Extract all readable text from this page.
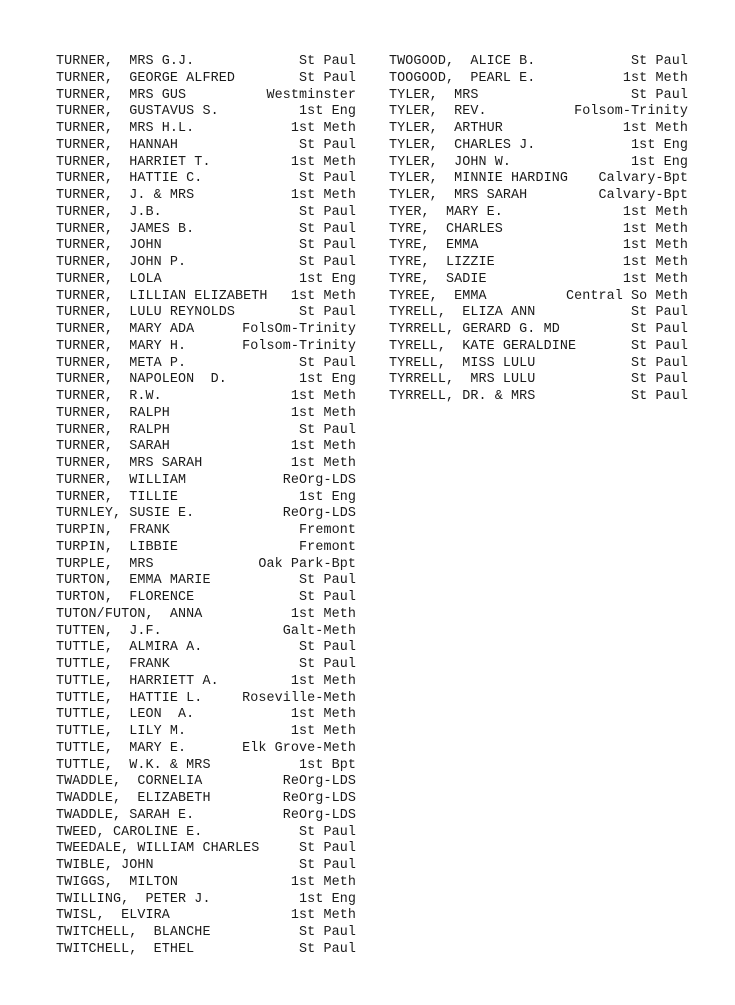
TURNER,  MRS G.J.	St Paul
TURNER,  GEORGE ALFRED	St Paul
TURNER,  MRS GUS	Westminster
TURNER,  GUSTAVUS S.	1st Eng
TURNER,  MRS H.L.	1st Meth
TURNER,  HANNAH	St Paul
TURNER,  HARRIET T.	1st Meth
TURNER,  HATTIE C.	St Paul
TURNER,  J. & MRS	1st Meth
TURNER,  J.B.	St Paul
TURNER,  JAMES B.	St Paul
TURNER,  JOHN	St Paul
TURNER,  JOHN P.	St Paul
TURNER,  LOLA	1st Eng
TURNER,  LILLIAN ELIZABETH 1st Meth
TURNER,  LULU REYNOLDS	St Paul
TURNER,  MARY ADA	FolsOm-Trinity
TURNER,  MARY H.	Folsom-Trinity
TURNER,  META P.	St Paul
TURNER,  NAPOLEON  D.	1st Eng
TURNER,  R.W.	1st Meth
TURNER,  RALPH	1st Meth
TURNER,  RALPH	St Paul
TURNER,  SARAH	1st Meth
TURNER,  MRS SARAH	1st Meth
TURNER,  WILLIAM	ReOrg-LDS
TURNER,  TILLIE	1st Eng
TURNLEY, SUSIE E.	ReOrg-LDS
TURPIN,  FRANK	Fremont
TURPIN,  LIBBIE	Fremont
TURPLE,  MRS	Oak Park-Bpt
TURTON,  EMMA MARIE	St Paul
TURTON,  FLORENCE	St Paul
TUTON/FUTON,  ANNA	1st Meth
TUTTEN,  J.F.	Galt-Meth
TUTTLE,  ALMIRA A.	St Paul
TUTTLE,  FRANK	St Paul
TUTTLE,  HARRIETT A.	1st Meth
TUTTLE,  HATTIE L.	Roseville-Meth
TUTTLE,  LEON  A.	1st Meth
TUTTLE,  LILY M.	1st Meth
TUTTLE,  MARY E.	Elk Grove-Meth
TUTTLE,  W.K. & MRS	1st Bpt
TWADDLE,  CORNELIA	ReOrg-LDS
TWADDLE,  ELIZABETH	ReOrg-LDS
TWADDLE, SARAH E.	ReOrg-LDS
TWEED, CAROLINE E.	St Paul
TWEEDALE, WILLIAM CHARLES	St Paul
TWIBLE, JOHN	St Paul
TWIGGS,  MILTON	1st Meth
TWILLING,  PETER J.	1st Eng
TWISL,  ELVIRA	1st Meth
TWITCHELL,  BLANCHE	St Paul
TWITCHELL,  ETHEL	St Paul
TWOGOOD,  ALICE B.	St Paul
TOOGOOD,  PEARL E.	1st Meth
TYLER,  MRS	St Paul
TYLER,  REV.	Folsom-Trinity
TYLER,  ARTHUR	1st Meth
TYLER,  CHARLES J.	1st Eng
TYLER,  JOHN W.	1st Eng
TYLER,  MINNIE HARDING Calvary-Bpt
TYLER,  MRS SARAH	Calvary-Bpt
TYER,  MARY E.	1st Meth
TYRE,  CHARLES	1st Meth
TYRE,  EMMA	1st Meth
TYRE,  LIZZIE	1st Meth
TYRE,  SADIE	1st Meth
TYREE,  EMMA	Central So Meth
TYRELL,  ELIZA ANN	St Paul
TYRRELL, GERARD G. MD	St Paul
TYRELL,  KATE GERALDINE	St Paul
TYRELL,  MISS LULU	St Paul
TYRRELL,  MRS LULU	St Paul
TYRRELL, DR. & MRS	St Paul
